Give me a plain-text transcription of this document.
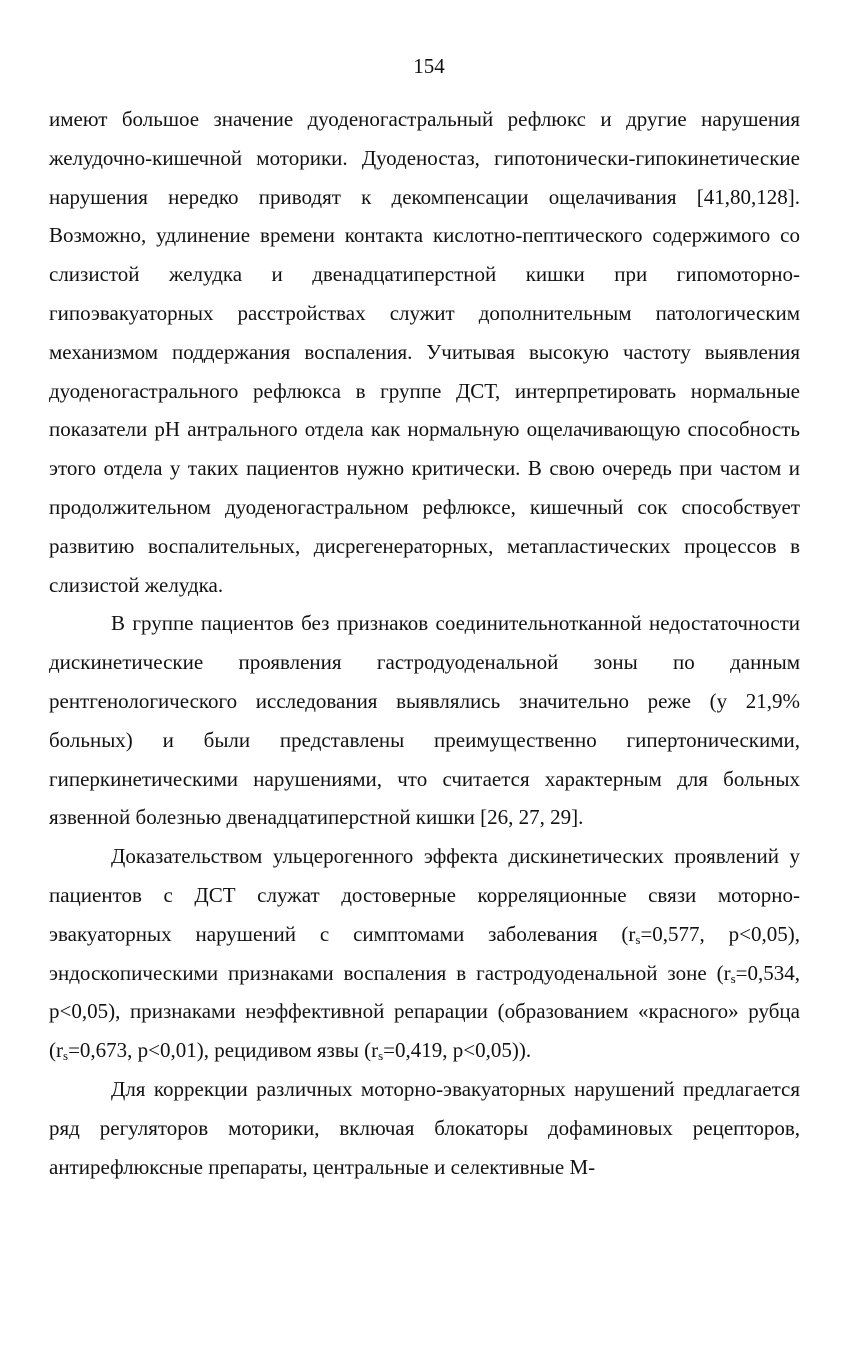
154

имеют большое значение дуоденогастральный рефлюкс и другие нарушения желудочно-кишечной моторики. Дуоденостаз, гипотонически-гипокинетические нарушения нередко приводят к декомпенсации ощелачивания [41,80,128]. Возможно, удлинение времени контакта кислотно-пептического содержимого со слизистой желудка и двенадцатиперстной кишки при гипомоторно-гипоэвакуаторных расстройствах служит дополнительным патологическим механизмом поддержания воспаления. Учитывая высокую частоту выявления дуоденогастрального рефлюкса в группе ДСТ, интерпретировать нормальные показатели pH антрального отдела как нормальную ощелачивающую способность этого отдела у таких пациентов нужно критически. В свою очередь при частом и продолжительном дуоденогастральном рефлюксе, кишечный сок способствует развитию воспалительных, дисрегенераторных, метапластических процессов в слизистой желудка.

В группе пациентов без признаков соединительнотканной недостаточности дискинетические проявления гастродуоденальной зоны по данным рентгенологического исследования выявлялись значительно реже (у 21,9% больных) и были представлены преимущественно гипертоническими, гиперкинетическими нарушениями, что считается характерным для больных язвенной болезнью двенадцатиперстной кишки [26, 27, 29].

Доказательством ульцерогенного эффекта дискинетических проявлений у пациентов с ДСТ служат достоверные корреляционные связи моторно-эвакуаторных нарушений с симптомами заболевания ($r_s=0,577$, p<0,05), эндоскопическими признаками воспаления в гастродуоденальной зоне ($r_s=0,534$, p<0,05), признаками неэффективной репарации (образованием «красного» рубца ($r_s=0,673$, p<0,01), рецидивом язвы ($r_s=0,419$, p<0,05)).

Для коррекции различных моторно-эвакуаторных нарушений предлагается ряд регуляторов моторики, включая блокаторы дофаминовых рецепторов, антирефлюксные препараты, центральные и селективные М-
